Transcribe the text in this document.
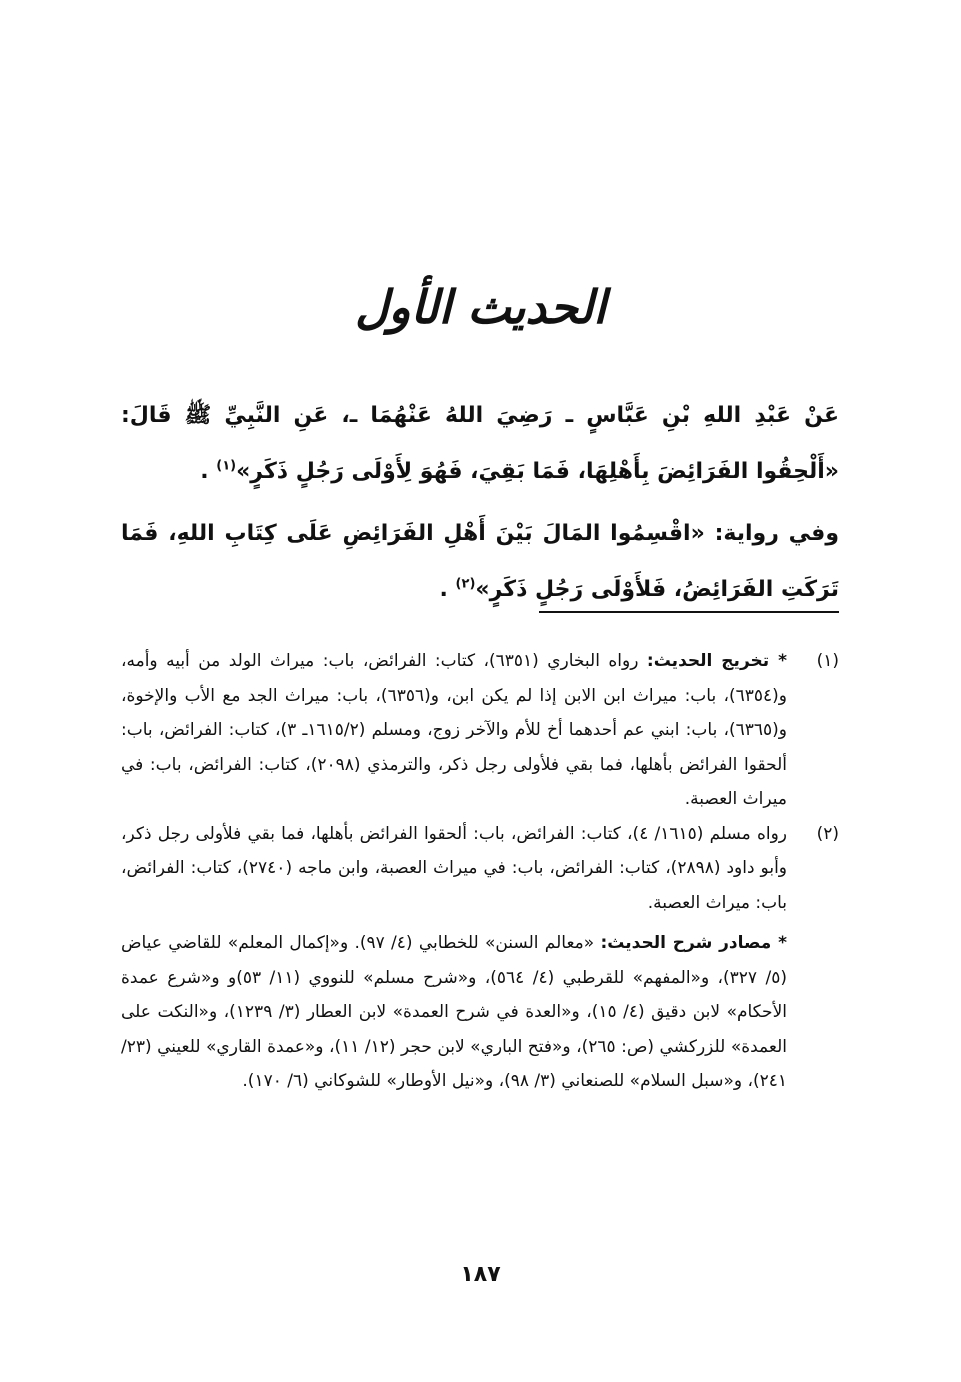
الحديث الأول

عَنْ عَبْدِ اللهِ بْنِ عَبَّاسٍ ـ رَضِيَ اللهُ عَنْهُمَا ـ، عَنِ النَّبِيِّ ﷺ قَالَ: «أَلْحِقُوا الفَرَائِضَ بِأَهْلِهَا، فَمَا بَقِيَ، فَهُوَ لِأَوْلَى رَجُلٍ ذَكَرٍ»$^{(١)}$ .

وفي رواية: «اقْسِمُوا المَالَ بَيْنَ أَهْلِ الفَرَائِضِ عَلَى كِتَابِ اللهِ، فَمَا تَرَكَتِ الفَرَائِضُ، فَلأَوْلَى رَجُلٍ ذَكَرٍ»$^{(٢)}$ .

(١)
* تخريج الحديث: رواه البخاري (٦٣٥١)، كتاب: الفرائض، باب: ميراث الولد من أبيه وأمه، و(٦٣٥٤)، باب: ميراث ابن الابن إذا لم يكن ابن، و(٦٣٥٦)، باب: ميراث الجد مع الأب والإخوة، و(٦٣٦٥)، باب: ابني عم أحدهما أخ للأم والآخر زوج، ومسلم (١٦١٥/٢ـ ٣)، كتاب: الفرائض، باب: ألحقوا الفرائض بأهلها، فما بقي فلأولى رجل ذكر، والترمذي (٢٠٩٨)، كتاب: الفرائض، باب: في ميراث العصبة.
(٢)
رواه مسلم (١٦١٥/ ٤)، كتاب: الفرائض، باب: ألحقوا الفرائض بأهلها، فما بقي فلأولى رجل ذكر، وأبو داود (٢٨٩٨)، كتاب: الفرائض، باب: في ميراث العصبة، وابن ماجه (٢٧٤٠)، كتاب: الفرائض، باب: ميراث العصبة.
* مصادر شرح الحديث: «معالم السنن» للخطابي (٤/ ٩٧). و«إكمال المعلم» للقاضي عياض (٥/ ٣٢٧)، و«المفهم» للقرطبي (٤/ ٥٦٤)، و«شرح مسلم» للنووي (١١/ ٥٣)و و«شرع عمدة الأحكام» لابن دقيق (٤/ ١٥)، و«العدة في شرح العمدة» لابن العطار (٣/ ١٢٣٩)، و«النكت على العمدة» للزركشي (ص: ٢٦٥)، و«فتح الباري» لابن حجر (١٢/ ١١)، و«عمدة القاري» للعيني (٢٣/ ٢٤١)، و«سبل السلام» للصنعاني (٣/ ٩٨)، و«نيل الأوطار» للشوكاني (٦/ ١٧٠).
١٨٧
